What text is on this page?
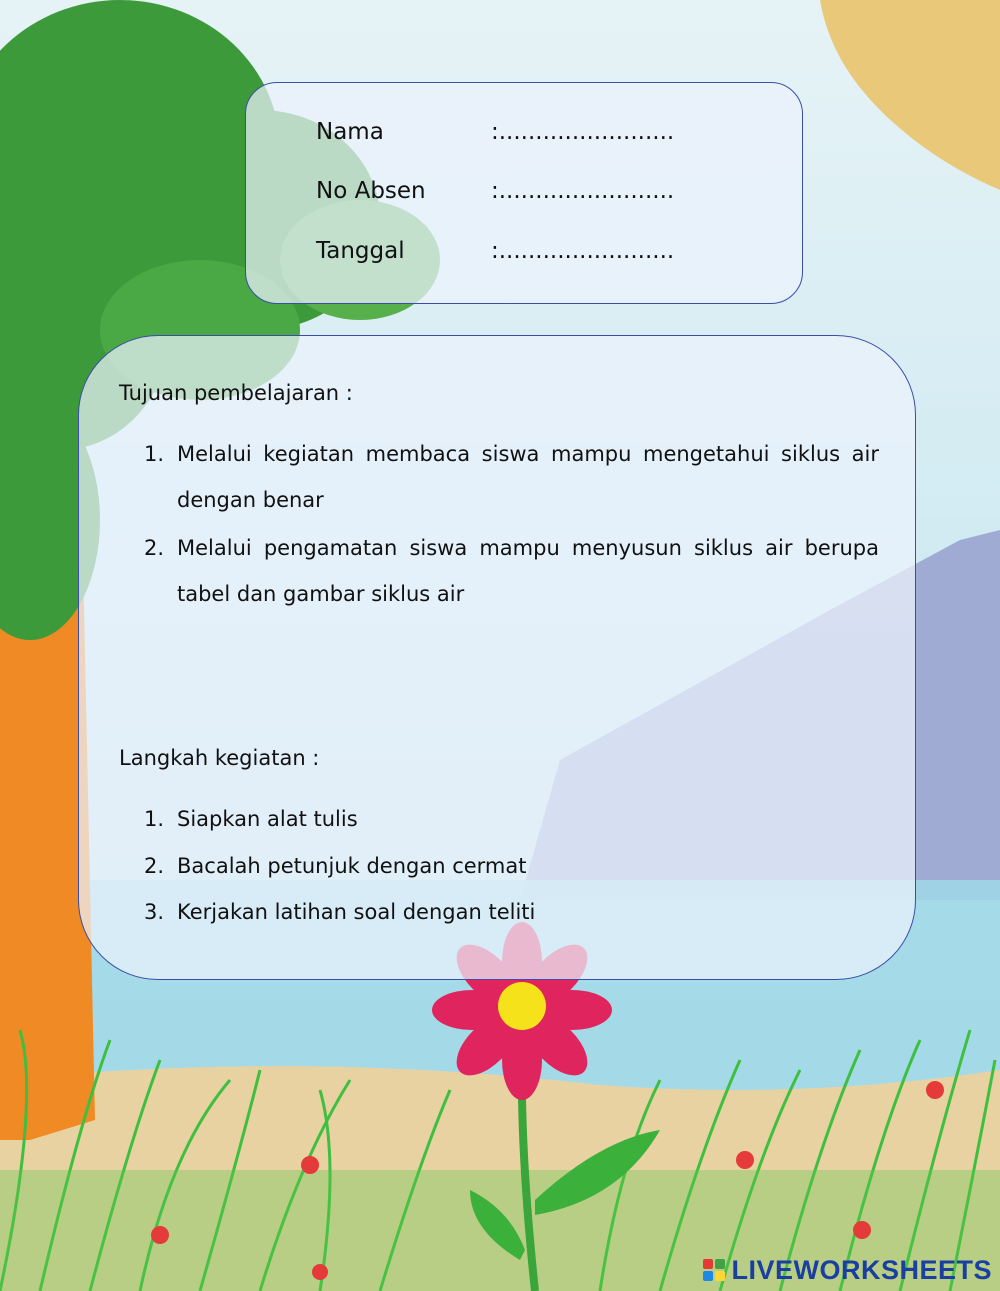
Nama	:........................
No Absen	:........................
Tanggal	:........................
Tujuan pembelajaran :
1. Melalui kegiatan membaca siswa mampu mengetahui siklus air dengan benar
2. Melalui pengamatan siswa mampu menyusun siklus air berupa tabel dan gambar siklus air
Langkah kegiatan :
1. Siapkan alat tulis
2. Bacalah petunjuk dengan cermat
3. Kerjakan latihan soal dengan teliti
LIVEWORKSHEETS
